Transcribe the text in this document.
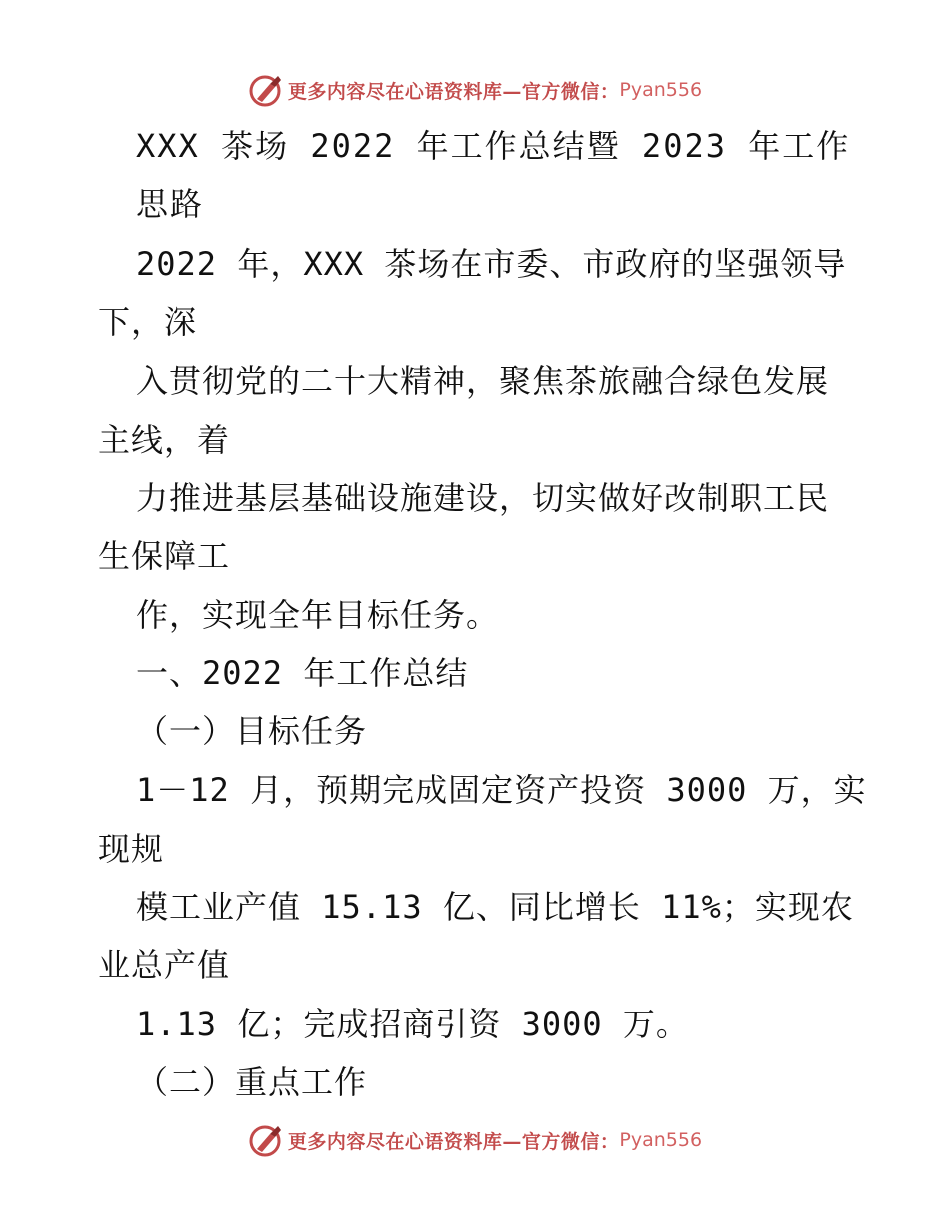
更多内容尽在心语资料库—官方微信： Pyan556
XXX 茶场 2022 年工作总结暨 2023 年工作
思路
2022 年，XXX 茶场在市委、市政府的坚强领导
下，深
入贯彻党的二十大精神，聚焦茶旅融合绿色发展
主线，着
力推进基层基础设施建设，切实做好改制职工民
生保障工
作，实现全年目标任务。
一、2022 年工作总结
（一）目标任务
1－12 月，预期完成固定资产投资 3000 万，实
现规
模工业产值 15.13 亿、同比增长 11%；实现农
业总产值
1.13 亿；完成招商引资 3000 万。
（二）重点工作
更多内容尽在心语资料库—官方微信： Pyan556
